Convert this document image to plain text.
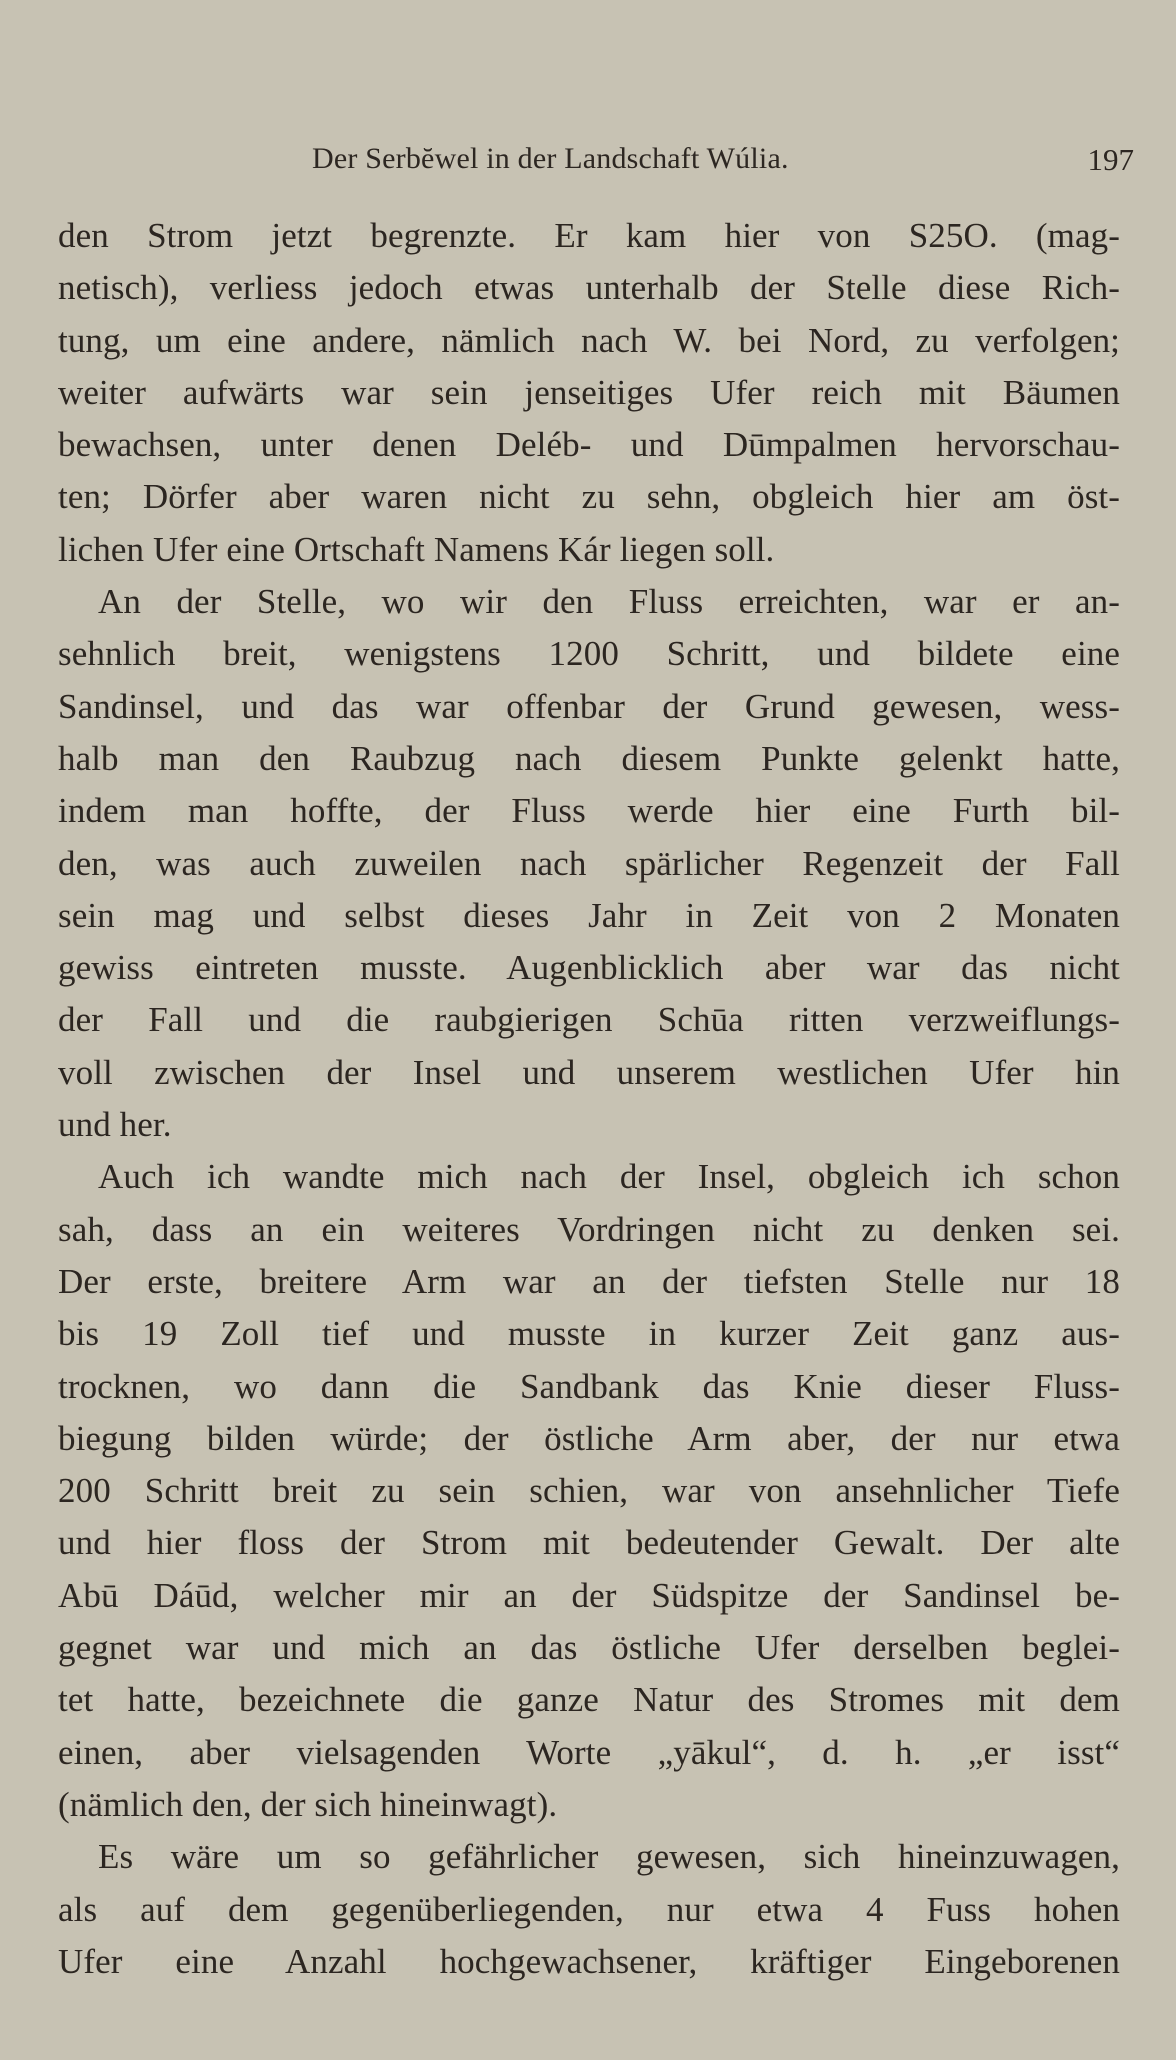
Der Serbĕwel in der Landschaft Wúlia.	197

den Strom jetzt begrenzte. Er kam hier von S25O. (mag-
netisch), verliess jedoch etwas unterhalb der Stelle diese Rich-
tung, um eine andere, nämlich nach W. bei Nord, zu verfolgen;
weiter aufwärts war sein jenseitiges Ufer reich mit Bäumen
bewachsen, unter denen Deléb- und Dūmpalmen hervorschau-
ten; Dörfer aber waren nicht zu sehn, obgleich hier am öst-
lichen Ufer eine Ortschaft Namens Kár liegen soll.

An der Stelle, wo wir den Fluss erreichten, war er an-
sehnlich breit, wenigstens 1200 Schritt, und bildete eine
Sandinsel, und das war offenbar der Grund gewesen, wess-
halb man den Raubzug nach diesem Punkte gelenkt hatte,
indem man hoffte, der Fluss werde hier eine Furth bil-
den, was auch zuweilen nach spärlicher Regenzeit der Fall
sein mag und selbst dieses Jahr in Zeit von 2 Monaten
gewiss eintreten musste. Augenblicklich aber war das nicht
der Fall und die raubgierigen Schūa ritten verzweiflungs-
voll zwischen der Insel und unserem westlichen Ufer hin
und her.

Auch ich wandte mich nach der Insel, obgleich ich schon
sah, dass an ein weiteres Vordringen nicht zu denken sei.
Der erste, breitere Arm war an der tiefsten Stelle nur 18
bis 19 Zoll tief und musste in kurzer Zeit ganz aus-
trocknen, wo dann die Sandbank das Knie dieser Fluss-
biegung bilden würde; der östliche Arm aber, der nur etwa
200 Schritt breit zu sein schien, war von ansehnlicher Tiefe
und hier floss der Strom mit bedeutender Gewalt. Der alte
Abū Dáūd, welcher mir an der Südspitze der Sandinsel be-
gegnet war und mich an das östliche Ufer derselben beglei-
tet hatte, bezeichnete die ganze Natur des Stromes mit dem
einen, aber vielsagenden Worte „yākul“, d. h. „er isst“
(nämlich den, der sich hineinwagt).

Es wäre um so gefährlicher gewesen, sich hineinzuwagen,
als auf dem gegenüberliegenden, nur etwa 4 Fuss hohen
Ufer eine Anzahl hochgewachsener, kräftiger Eingeborenen
